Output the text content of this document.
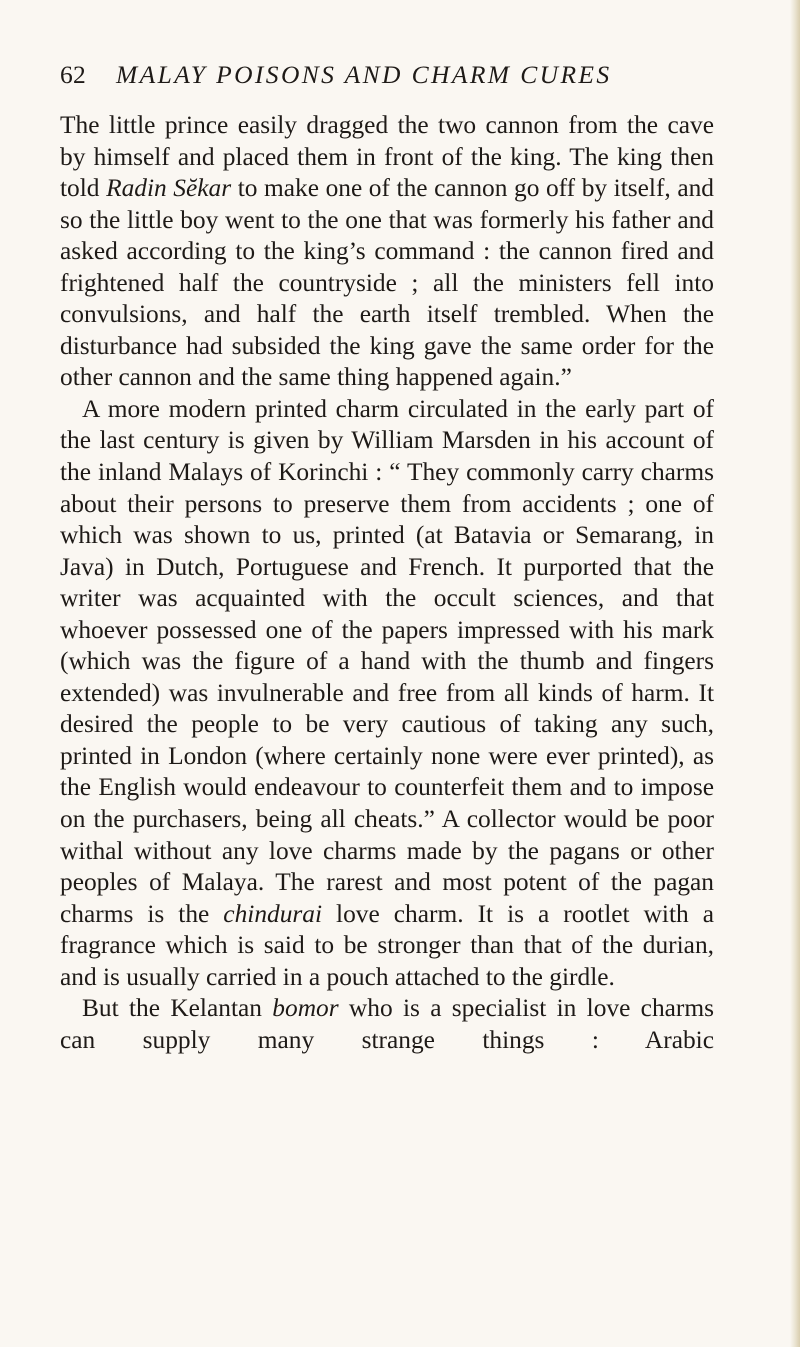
62	MALAY POISONS AND CHARM CURES

The little prince easily dragged the two cannon from the cave by himself and placed them in front of the king. The king then told Radin Sĕkar to make one of the cannon go off by itself, and so the little boy went to the one that was formerly his father and asked according to the king’s command : the cannon fired and frightened half the countryside ; all the ministers fell into convulsions, and half the earth itself trembled. When the disturbance had subsided the king gave the same order for the other cannon and the same thing happened again.”

A more modern printed charm circulated in the early part of the last century is given by William Marsden in his account of the inland Malays of Korinchi : “ They commonly carry charms about their persons to preserve them from accidents ; one of which was shown to us, printed (at Batavia or Semarang, in Java) in Dutch, Portuguese and French. It purported that the writer was acquainted with the occult sciences, and that whoever possessed one of the papers impressed with his mark (which was the figure of a hand with the thumb and fingers extended) was invulnerable and free from all kinds of harm. It desired the people to be very cautious of taking any such, printed in London (where certainly none were ever printed), as the English would endeavour to counterfeit them and to impose on the purchasers, being all cheats.” A collector would be poor withal without any love charms made by the pagans or other peoples of Malaya. The rarest and most potent of the pagan charms is the chindurai love charm. It is a rootlet with a fragrance which is said to be stronger than that of the durian, and is usually carried in a pouch attached to the girdle.

But the Kelantan bomor who is a specialist in love charms can supply many strange things : Arabic
